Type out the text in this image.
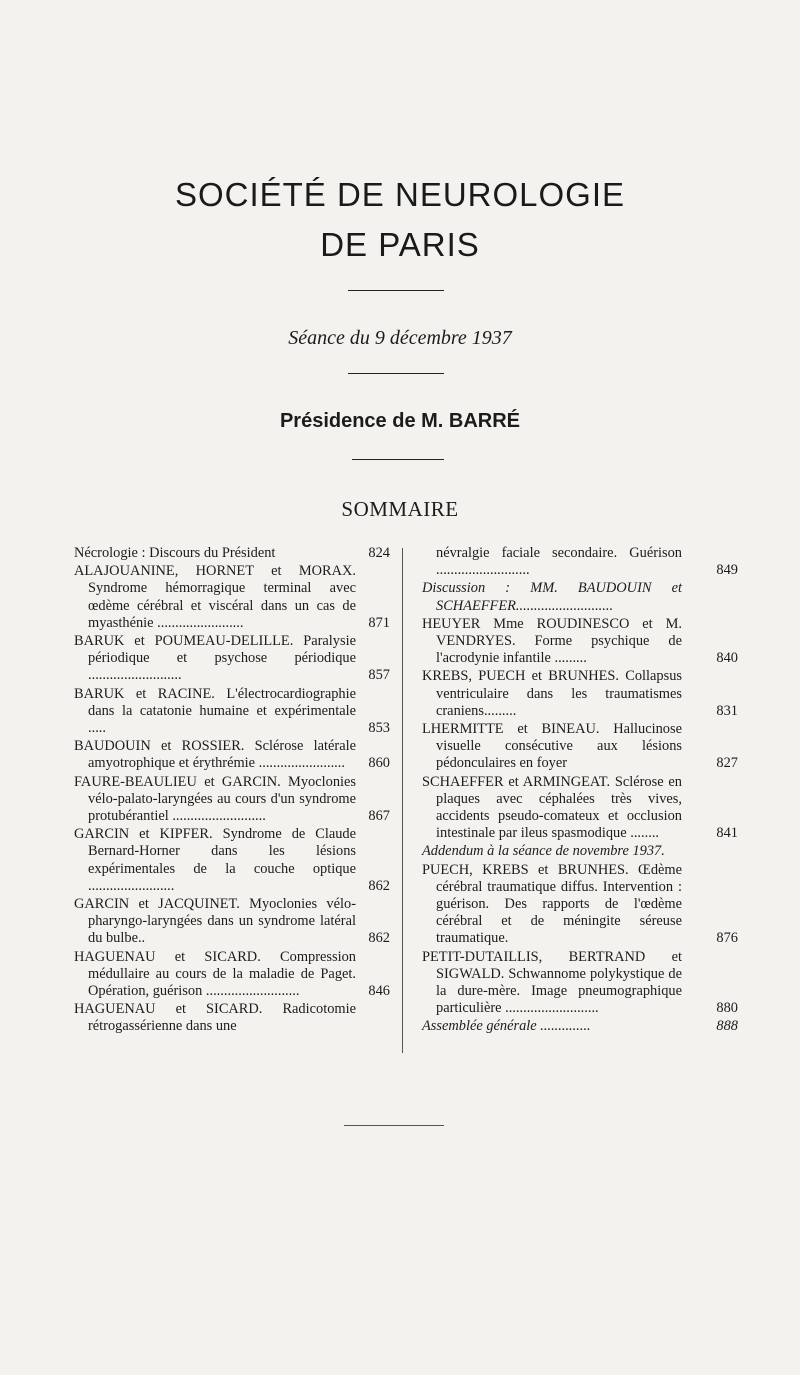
SOCIÉTÉ DE NEUROLOGIE
DE PARIS
Séance du 9 décembre 1937
Présidence de M. BARRÉ
SOMMAIRE
Nécrologie : Discours du Président	824
ALAJOUANINE, HORNET et MORAX. Syndrome hémorragique terminal avec œdème cérébral et viscéral dans un cas de myasthénie ........................	871
BARUK et POUMEAU-DELILLE. Paralysie périodique et psychose périodique ..........................	857
BARUK et RACINE. L'électrocardiographie dans la catatonie humaine et expérimentale .....	853
BAUDOUIN et ROSSIER. Sclérose latérale amyotrophique et érythrémie ........................	860
FAURE-BEAULIEU et GARCIN. Myoclonies vélo-palato-laryngées au cours d'un syndrome protubérantiel ..........................	867
GARCIN et KIPFER. Syndrome de Claude Bernard-Horner dans les lésions expérimentales de la couche optique ........................	862
GARCIN et JACQUINET. Myoclonies vélo-pharyngo-laryngées dans un syndrome latéral du bulbe..	862
HAGUENAU et SICARD. Compression médullaire au cours de la maladie de Paget. Opération, guérison ..........................	846
HAGUENAU et SICARD. Radicotomie rétrogassérienne dans une
névralgie faciale secondaire. Guérison ..........................	849
Discussion : MM. BAUDOUIN et SCHAEFFER...........................
HEUYER Mme ROUDINESCO et M. VENDRYES. Forme psychique de l'acrodynie infantile .........	840
KREBS, PUECH et BRUNHES. Collapsus ventriculaire dans les traumatismes craniens.........	831
LHERMITTE et BINEAU. Hallucinose visuelle consécutive aux lésions pédonculaires en foyer	827
SCHAEFFER et ARMINGEAT. Sclérose en plaques avec céphalées très vives, accidents pseudo-comateux et occlusion intestinale par ileus spasmodique ........	841
Addendum à la séance de novembre 1937.
PUECH, KREBS et BRUNHES. Œdème cérébral traumatique diffus. Intervention : guérison. Des rapports de l'œdème cérébral et de méningite séreuse traumatique.	876
PETIT-DUTAILLIS, BERTRAND et SIGWALD. Schwannome polykystique de la dure-mère. Image pneumographique particulière ..........................	880
Assemblée générale ..............	888
